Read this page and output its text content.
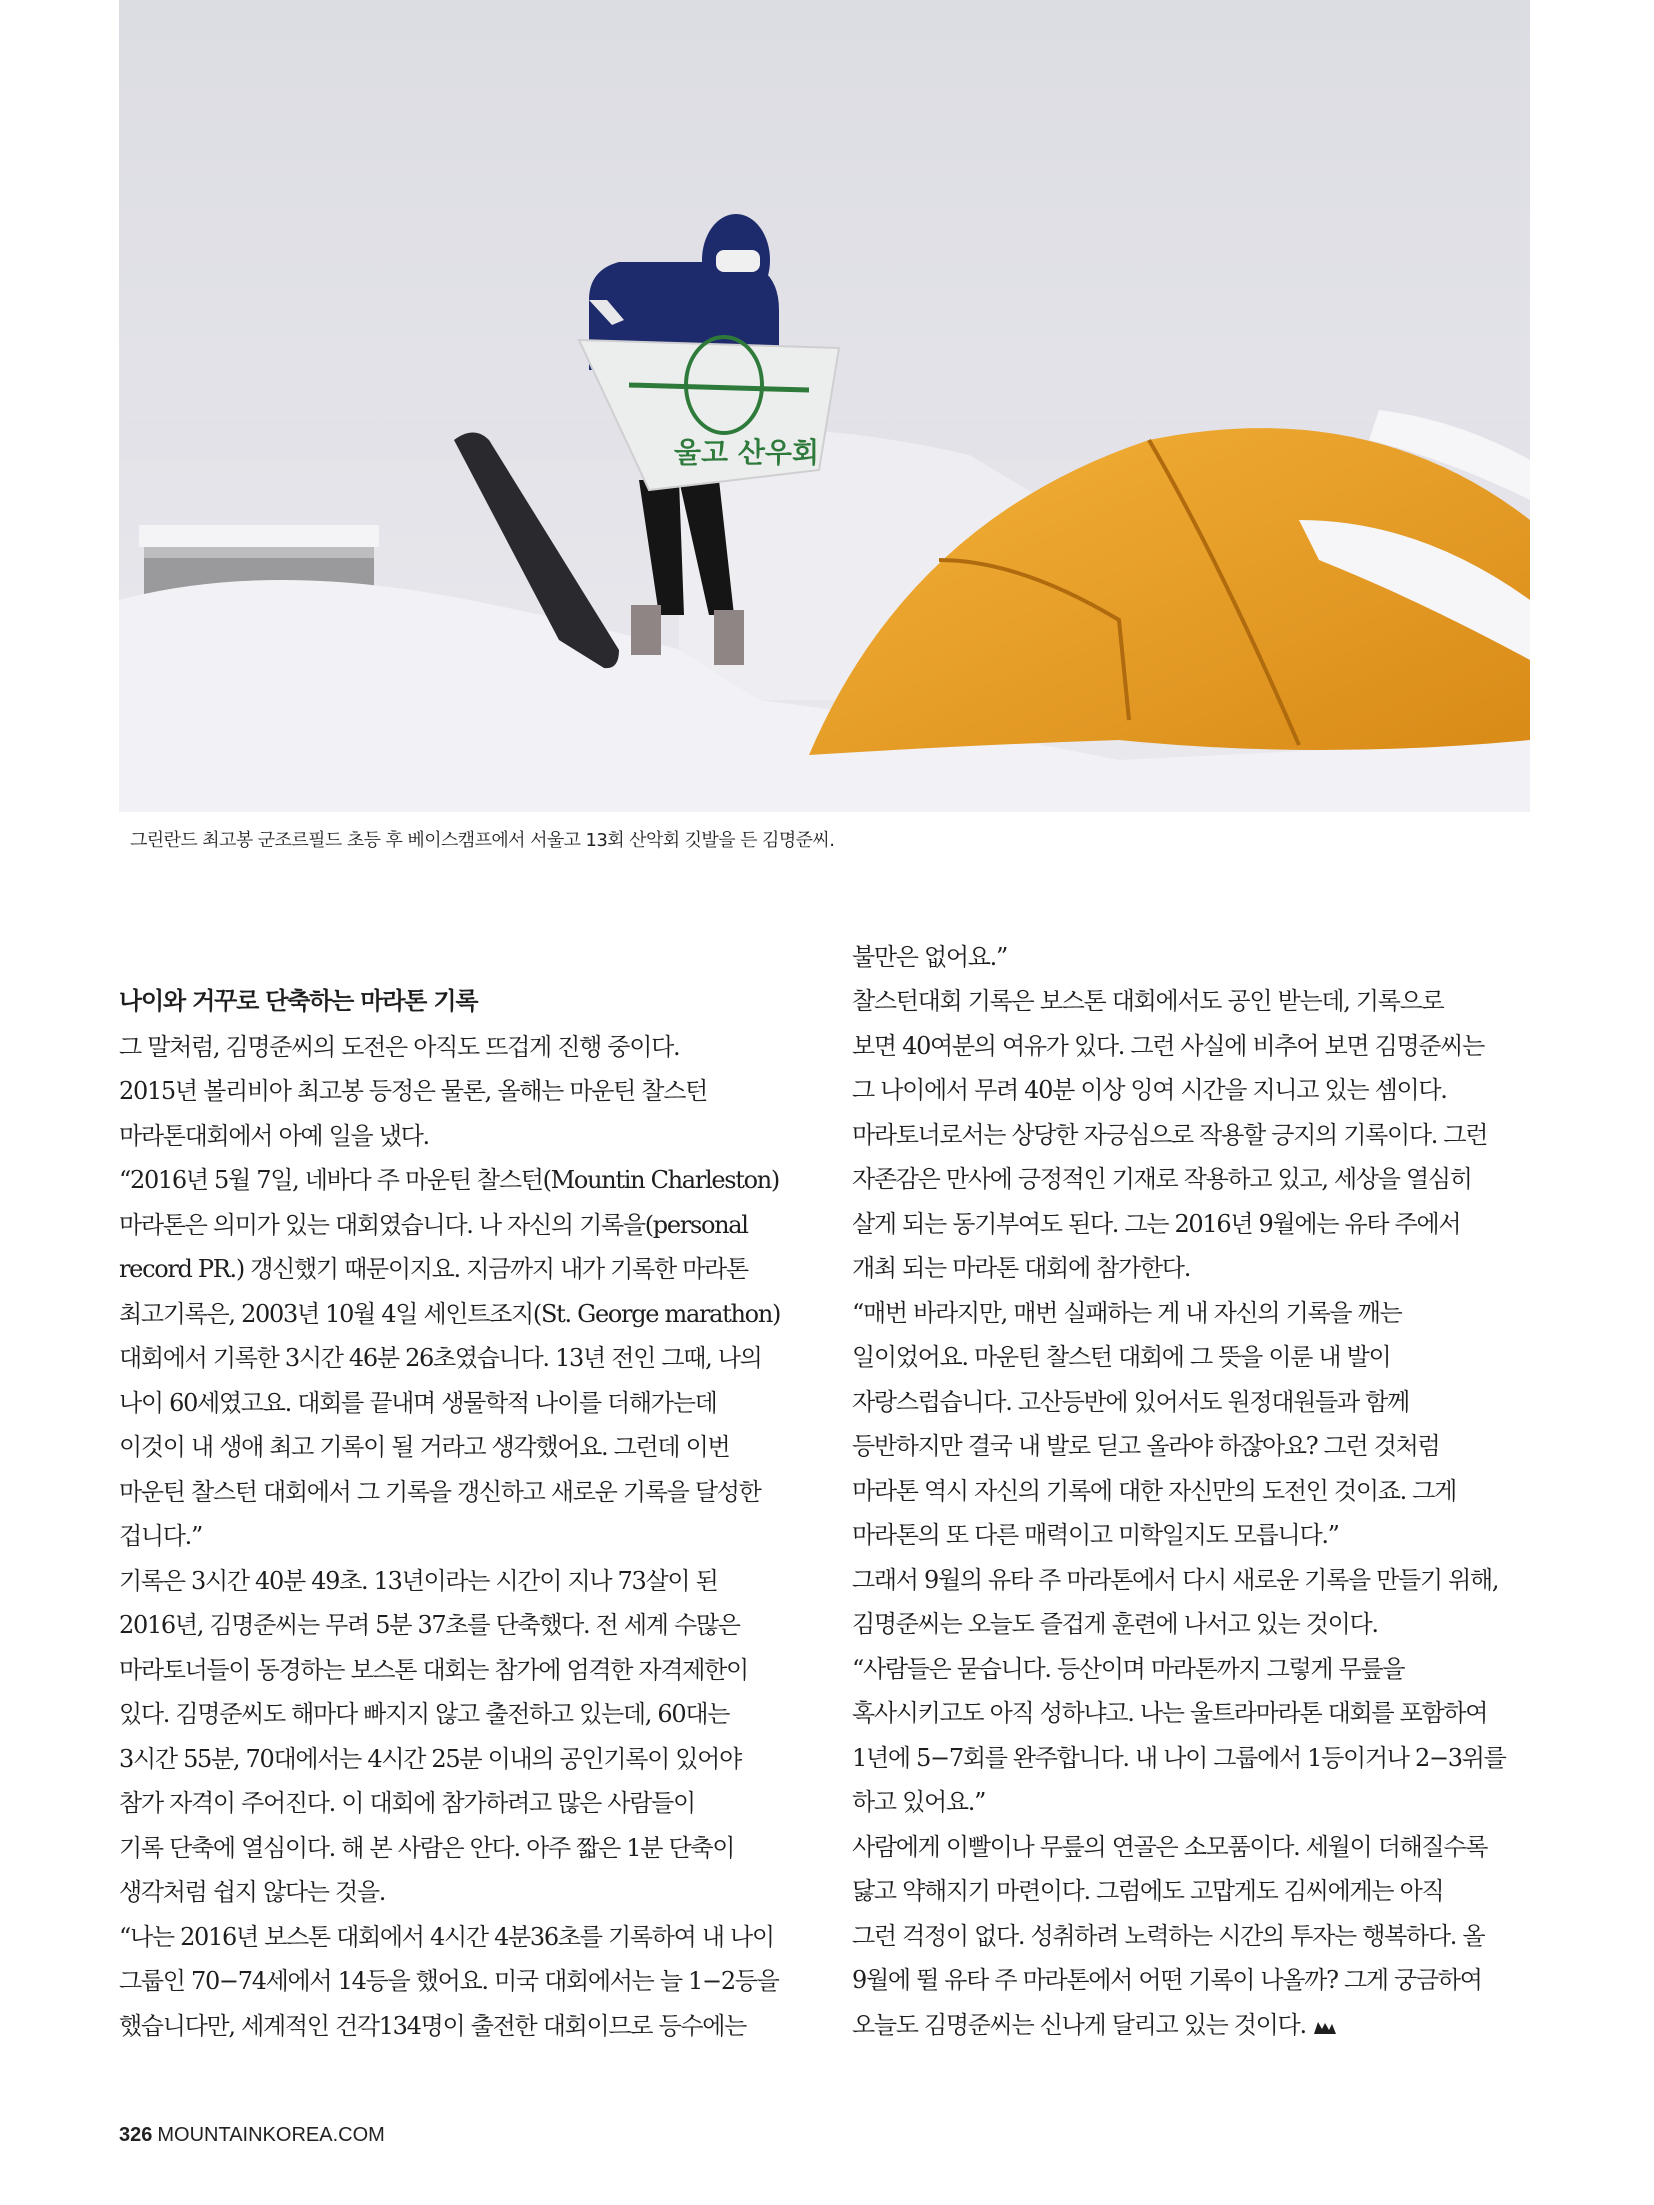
울고 산우회

그린란드 최고봉 군조르필드 초등 후 베이스캠프에서 서울고 13회 산악회 깃발을 든 김명준씨.

나이와 거꾸로 단축하는 마라톤 기록

그 말처럼, 김명준씨의 도전은 아직도 뜨겁게 진행 중이다.

2015년 볼리비아 최고봉 등정은 물론, 올해는 마운틴 찰스턴

마라톤대회에서 아예 일을 냈다.

“2016년 5월 7일, 네바다 주 마운틴 찰스턴(Mountin Charleston)

마라톤은 의미가 있는 대회였습니다. 나 자신의 기록을(personal

record PR.) 갱신했기 때문이지요. 지금까지 내가 기록한 마라톤

최고기록은, 2003년 10월 4일 세인트조지(St. George marathon)

대회에서 기록한 3시간 46분 26초였습니다. 13년 전인 그때, 나의

나이 60세였고요. 대회를 끝내며 생물학적 나이를 더해가는데

이것이 내 생애 최고 기록이 될 거라고 생각했어요. 그런데 이번

마운틴 찰스턴 대회에서 그 기록을 갱신하고 새로운 기록을 달성한

겁니다.”

기록은 3시간 40분 49초. 13년이라는 시간이 지나 73살이 된

2016년, 김명준씨는 무려 5분 37초를 단축했다. 전 세계 수많은

마라토너들이 동경하는 보스톤 대회는 참가에 엄격한 자격제한이

있다. 김명준씨도 해마다 빠지지 않고 출전하고 있는데, 60대는

3시간 55분, 70대에서는 4시간 25분 이내의 공인기록이 있어야

참가 자격이 주어진다. 이 대회에 참가하려고 많은 사람들이

기록 단축에 열심이다. 해 본 사람은 안다. 아주 짧은 1분 단축이

생각처럼 쉽지 않다는 것을.

“나는 2016년 보스톤 대회에서 4시간 4분36초를 기록하여 내 나이

그룹인 70−74세에서 14등을 했어요. 미국 대회에서는 늘 1−2등을

했습니다만, 세계적인 건각134명이 출전한 대회이므로 등수에는

불만은 없어요.”

찰스턴대회 기록은 보스톤 대회에서도 공인 받는데, 기록으로

보면 40여분의 여유가 있다. 그런 사실에 비추어 보면 김명준씨는

그 나이에서 무려 40분 이상 잉여 시간을 지니고 있는 셈이다.

마라토너로서는 상당한 자긍심으로 작용할 긍지의 기록이다. 그런

자존감은 만사에 긍정적인 기재로 작용하고 있고, 세상을 열심히

살게 되는 동기부여도 된다. 그는 2016년 9월에는 유타 주에서

개최 되는 마라톤 대회에 참가한다.

“매번 바라지만, 매번 실패하는 게 내 자신의 기록을 깨는

일이었어요. 마운틴 찰스턴 대회에 그 뜻을 이룬 내 발이

자랑스럽습니다. 고산등반에 있어서도 원정대원들과 함께

등반하지만 결국 내 발로 딛고 올라야 하잖아요? 그런 것처럼

마라톤 역시 자신의 기록에 대한 자신만의 도전인 것이죠. 그게

마라톤의 또 다른 매력이고 미학일지도 모릅니다.”

그래서 9월의 유타 주 마라톤에서 다시 새로운 기록을 만들기 위해,

김명준씨는 오늘도 즐겁게 훈련에 나서고 있는 것이다.

“사람들은 묻습니다. 등산이며 마라톤까지 그렇게 무릎을

혹사시키고도 아직 성하냐고. 나는 울트라마라톤 대회를 포함하여

1년에 5−7회를 완주합니다. 내 나이 그룹에서 1등이거나 2−3위를

하고 있어요.”

사람에게 이빨이나 무릎의 연골은 소모품이다. 세월이 더해질수록

닳고 약해지기 마련이다. 그럼에도 고맙게도 김씨에게는 아직

그런 걱정이 없다. 성취하려 노력하는 시간의 투자는 행복하다. 올

9월에 뛸 유타 주 마라톤에서 어떤 기록이 나올까? 그게 궁금하여

오늘도 김명준씨는 신나게 달리고 있는 것이다.

326 MOUNTAINKOREA.COM
